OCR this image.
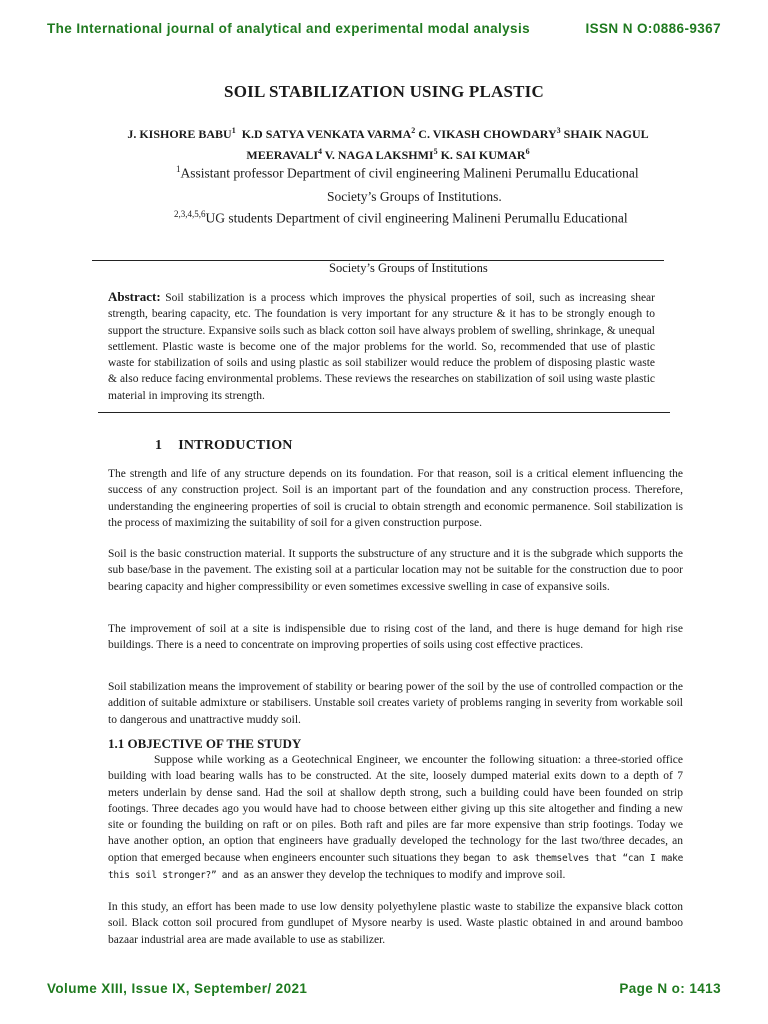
The International journal of analytical and experimental modal analysis	ISSN N O:0886-9367
SOIL STABILIZATION USING PLASTIC
J. KISHORE BABU$^1$ K.D SATYA VENKATA VARMA$^2$ C. VIKASH CHOWDARY$^3$ SHAIK NAGUL MEERAVALI$^4$ V. NAGA LAKSHMI$^5$ K. SAI KUMAR$^6$
$^1$Assistant professor Department of civil engineering Malineni Perumallu Educational
Society’s Groups of Institutions.
$^{2,3,4,5,6}$UG students Department of civil engineering Malineni Perumallu Educational
Society’s Groups of Institutions
Abstract: Soil stabilization is a process which improves the physical properties of soil, such as increasing shear strength, bearing capacity, etc. The foundation is very important for any structure & it has to be strongly enough to support the structure. Expansive soils such as black cotton soil have always problem of swelling, shrinkage, & unequal settlement. Plastic waste is become one of the major problems for the world. So, recommended that use of plastic waste for stabilization of soils and using plastic as soil stabilizer would reduce the problem of disposing plastic waste & also reduce facing environmental problems. These reviews the researches on stabilization of soil using waste plastic material in improving its strength.
1 INTRODUCTION
The strength and life of any structure depends on its foundation. For that reason, soil is a critical element influencing the success of any construction project. Soil is an important part of the foundation and any construction process. Therefore, understanding the engineering properties of soil is crucial to obtain strength and economic permanence. Soil stabilization is the process of maximizing the suitability of soil for a given construction purpose.
Soil is the basic construction material. It supports the substructure of any structure and it is the subgrade which supports the sub base/base in the pavement. The existing soil at a particular location may not be suitable for the construction due to poor bearing capacity and higher compressibility or even sometimes excessive swelling in case of expansive soils.
The improvement of soil at a site is indispensible due to rising cost of the land, and there is huge demand for high rise buildings. There is a need to concentrate on improving properties of soils using cost effective practices.
Soil stabilization means the improvement of stability or bearing power of the soil by the use of controlled compaction or the addition of suitable admixture or stabilisers. Unstable soil creates variety of problems ranging in severity from workable soil to dangerous and unattractive muddy soil.
1.1 OBJECTIVE OF THE STUDY
Suppose while working as a Geotechnical Engineer, we encounter the following situation: a three-storied office building with load bearing walls has to be constructed. At the site, loosely dumped material exits down to a depth of 7 meters underlain by dense sand. Had the soil at shallow depth strong, such a building could have been founded on strip footings. Three decades ago you would have had to choose between either giving up this site altogether and finding a new site or founding the building on raft or on piles. Both raft and piles are far more expensive than strip footings. Today we have another option, an option that engineers have gradually developed the technology for the last two/three decades, an option that emerged because when engineers encounter such situations they began to ask themselves that “can I make this soil stronger?” and as an answer they develop the techniques to modify and improve soil.
In this study, an effort has been made to use low density polyethylene plastic waste to stabilize the expansive black cotton soil. Black cotton soil procured from gundlupet of Mysore nearby is used. Waste plastic obtained in and around bamboo bazaar industrial area are made available to use as stabilizer.
Volume XIII, Issue IX, September/ 2021	Page N o: 1413
